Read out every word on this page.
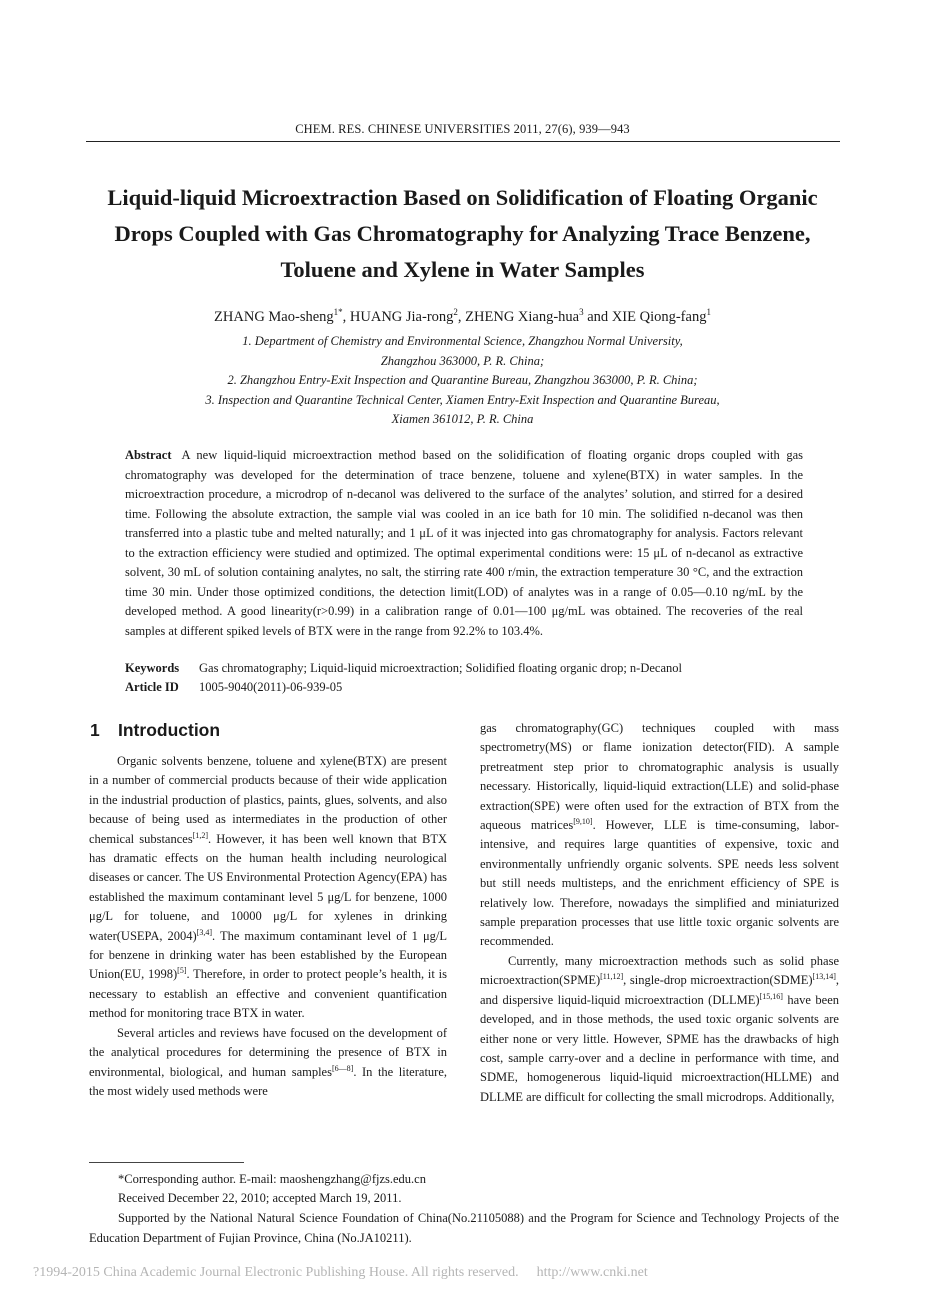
CHEM. RES. CHINESE UNIVERSITIES 2011, 27(6), 939—943
Liquid-liquid Microextraction Based on Solidification of Floating Organic Drops Coupled with Gas Chromatography for Analyzing Trace Benzene, Toluene and Xylene in Water Samples
ZHANG Mao-sheng$^{1*}$, HUANG Jia-rong$^2$, ZHENG Xiang-hua$^3$ and XIE Qiong-fang$^1$
1. Department of Chemistry and Environmental Science, Zhangzhou Normal University,
Zhangzhou 363000, P. R. China;
2. Zhangzhou Entry-Exit Inspection and Quarantine Bureau, Zhangzhou 363000, P. R. China;
3. Inspection and Quarantine Technical Center, Xiamen Entry-Exit Inspection and Quarantine Bureau,
Xiamen 361012, P. R. China
Abstract A new liquid-liquid microextraction method based on the solidification of floating organic drops coupled with gas chromatography was developed for the determination of trace benzene, toluene and xylene(BTX) in water samples. In the microextraction procedure, a microdrop of n-decanol was delivered to the surface of the analytes’ solution, and stirred for a desired time. Following the absolute extraction, the sample vial was cooled in an ice bath for 10 min. The solidified n-decanol was then transferred into a plastic tube and melted naturally; and 1 μL of it was injected into gas chromatography for analysis. Factors relevant to the extraction efficiency were studied and optimized. The optimal experimental conditions were: 15 μL of n-decanol as extractive solvent, 30 mL of solution containing analytes, no salt, the stirring rate 400 r/min, the extraction temperature 30 °C, and the extraction time 30 min. Under those optimized conditions, the detection limit(LOD) of analytes was in a range of 0.05—0.10 ng/mL by the developed method. A good linearity(r>0.99) in a calibration range of 0.01—100 μg/mL was obtained. The recoveries of the real samples at different spiked levels of BTX were in the range from 92.2% to 103.4%.
Keywords Gas chromatography; Liquid-liquid microextraction; Solidified floating organic drop; n-Decanol
Article ID 1005-9040(2011)-06-939-05
1 Introduction

Organic solvents benzene, toluene and xylene(BTX) are present in a number of commercial products because of their wide application in the industrial production of plastics, paints, glues, solvents, and also because of being used as intermediates in the production of other chemical substances[1,2]. However, it has been well known that BTX has dramatic effects on the human health including neurological diseases or cancer. The US Environmental Protection Agency(EPA) has established the maximum contaminant level 5 μg/L for benzene, 1000 μg/L for toluene, and 10000 μg/L for xylenes in drinking water(USEPA, 2004)[3,4]. The maximum contaminant level of 1 μg/L for benzene in drinking water has been established by the European Union(EU, 1998)[5]. Therefore, in order to protect people’s health, it is necessary to establish an effective and convenient quantification method for monitoring trace BTX in water.

Several articles and reviews have focused on the development of the analytical procedures for determining the presence of BTX in environmental, biological, and human samples[6—8]. In the literature, the most widely used methods were

gas chromatography(GC) techniques coupled with mass spectrometry(MS) or flame ionization detector(FID). A sample pretreatment step prior to chromatographic analysis is usually necessary. Historically, liquid-liquid extraction(LLE) and solid-phase extraction(SPE) were often used for the extraction of BTX from the aqueous matrices[9,10]. However, LLE is time-consuming, labor-intensive, and requires large quantities of expensive, toxic and environmentally unfriendly organic solvents. SPE needs less solvent but still needs multisteps, and the enrichment efficiency of SPE is relatively low. Therefore, nowadays the simplified and miniaturized sample preparation processes that use little toxic organic solvents are recommended.

Currently, many microextraction methods such as solid phase microextraction(SPME)[11,12], single-drop microextraction(SDME)[13,14], and dispersive liquid-liquid microextraction (DLLME)[15,16] have been developed, and in those methods, the used toxic organic solvents are either none or very little. However, SPME has the drawbacks of high cost, sample carry-over and a decline in performance with time, and SDME, homogenerous liquid-liquid microextraction(HLLME) and DLLME are difficult for collecting the small microdrops. Additionally,

*Corresponding author. E-mail: maoshengzhang@fjzs.edu.cn
Received December 22, 2010; accepted March 19, 2011.
Supported by the National Natural Science Foundation of China(No.21105088) and the Program for Science and Technology Projects of the Education Department of Fujian Province, China (No.JA10211).
?1994-2015 China Academic Journal Electronic Publishing House. All rights reserved. http://www.cnki.net
